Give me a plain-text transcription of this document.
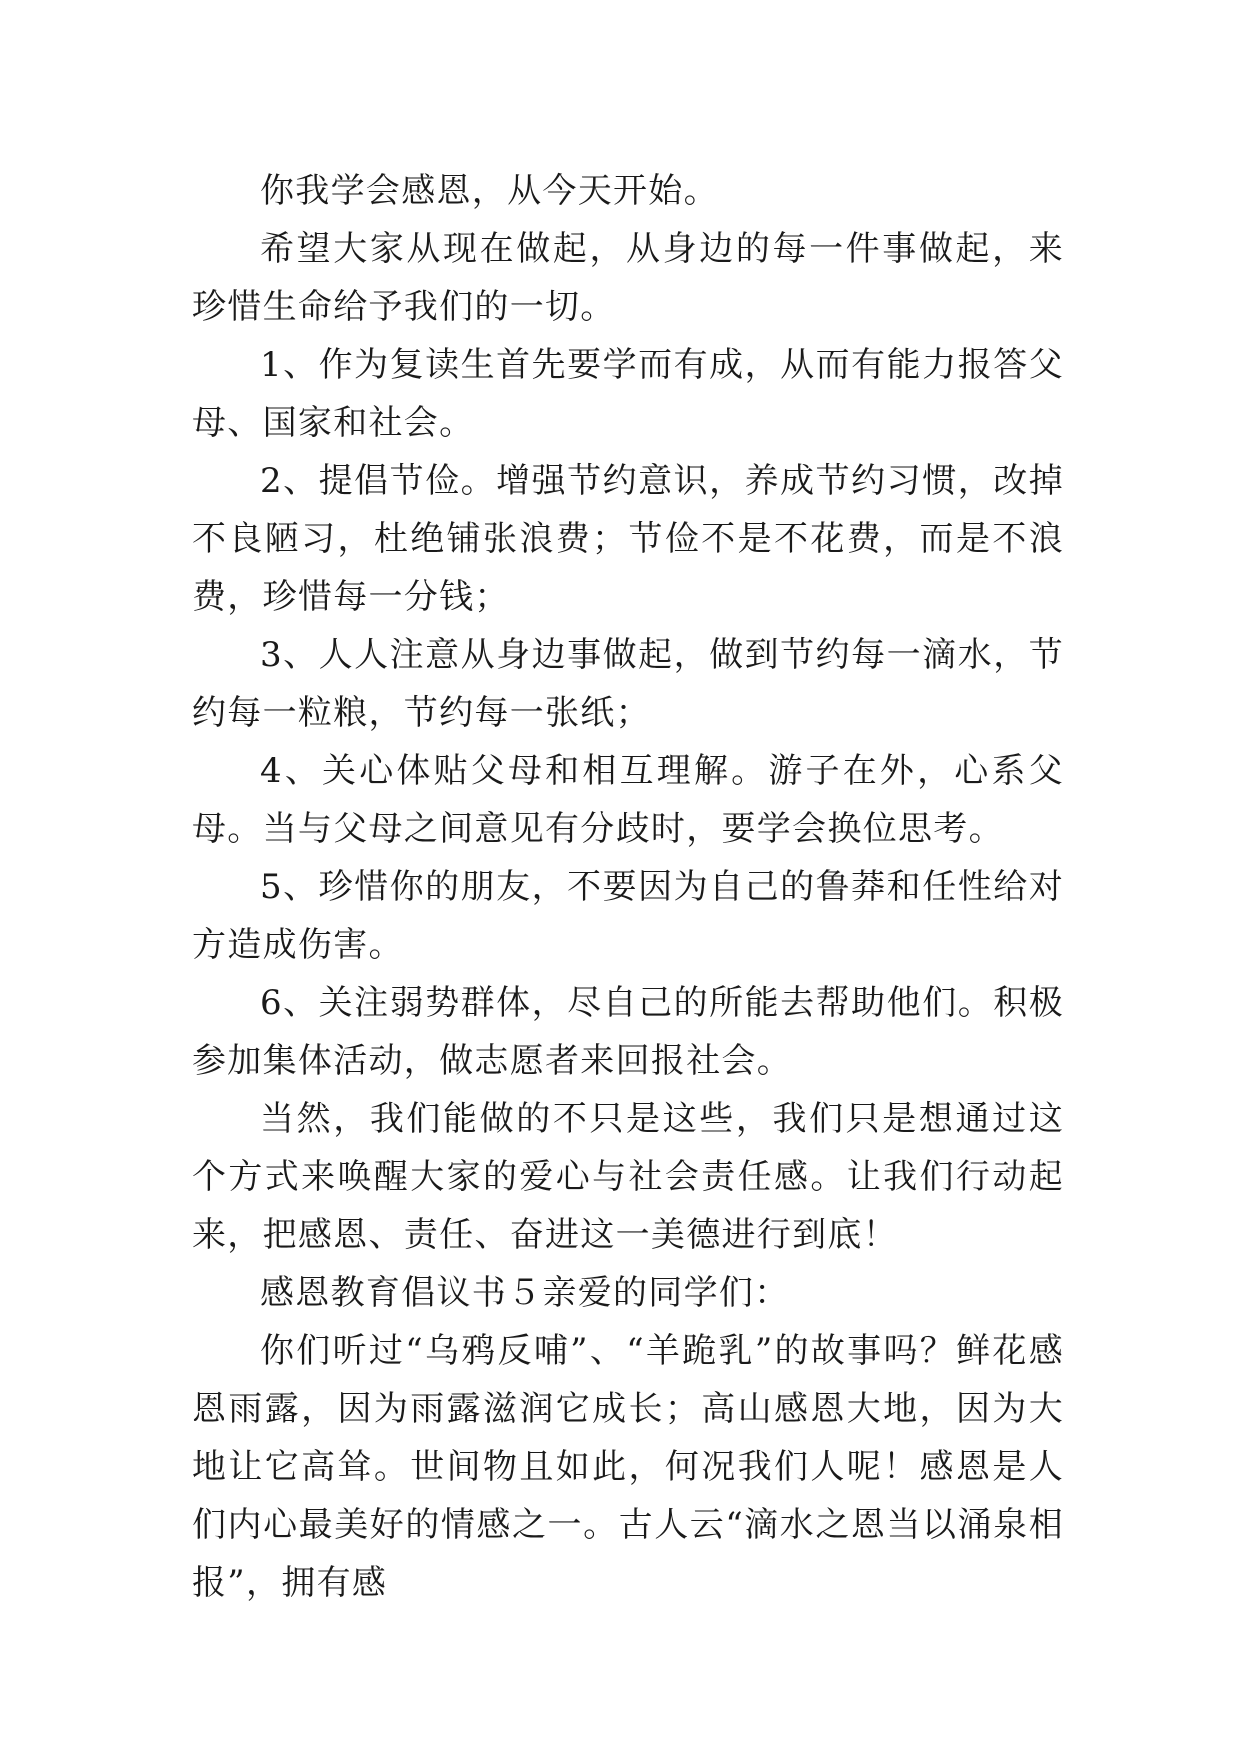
你我学会感恩，从今天开始。

希望大家从现在做起，从身边的每一件事做起，来珍惜生命给予我们的一切。

1、作为复读生首先要学而有成，从而有能力报答父母、国家和社会。

2、提倡节俭。增强节约意识，养成节约习惯，改掉不良陋习，杜绝铺张浪费；节俭不是不花费，而是不浪费，珍惜每一分钱；

3、人人注意从身边事做起，做到节约每一滴水，节约每一粒粮，节约每一张纸；

4、关心体贴父母和相互理解。游子在外，心系父母。当与父母之间意见有分歧时，要学会换位思考。

5、珍惜你的朋友，不要因为自己的鲁莽和任性给对方造成伤害。

6、关注弱势群体，尽自己的所能去帮助他们。积极参加集体活动，做志愿者来回报社会。

当然，我们能做的不只是这些，我们只是想通过这个方式来唤醒大家的爱心与社会责任感。让我们行动起来，把感恩、责任、奋进这一美德进行到底！

感恩教育倡议书５亲爱的同学们：

你们听过“乌鸦反哺”、“羊跪乳”的故事吗？鲜花感恩雨露，因为雨露滋润它成长；高山感恩大地，因为大地让它高耸。世间物且如此，何况我们人呢！感恩是人们内心最美好的情感之一。古人云“滴水之恩当以涌泉相报”，拥有感
